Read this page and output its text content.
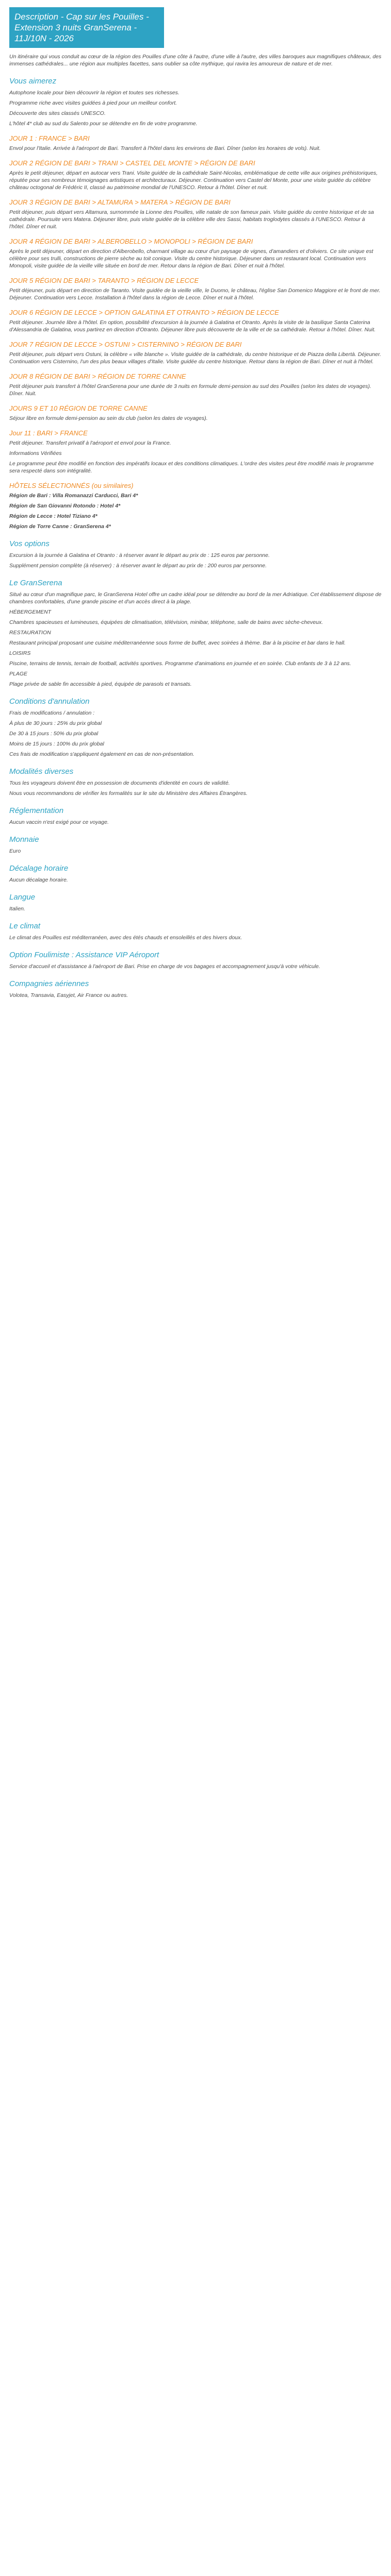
Description - Cap sur les Pouilles - Extension 3 nuits GranSerena - 11J/10N - 2026

Un itinéraire qui vous conduit au cœur de la région des Pouilles d'une côte à l'autre, d'une ville à l'autre, des villes baroques aux magnifiques châteaux, des immenses cathédrales... une région aux multiples facettes, sans oublier sa côte mythique, qui ravira les amoureux de nature et de mer.

Vous aimerez

Autophone locale pour bien découvrir la région et toutes ses richesses.

Programme riche avec visites guidées à pied pour un meilleur confort.

Découverte des sites classés UNESCO.

L'hôtel 4* club au sud du Salento pour se détendre en fin de votre programme.

JOUR 1 : FRANCE > BARI

Envol pour l'Italie. Arrivée à l'aéroport de Bari. Transfert à l'hôtel dans les environs de Bari. Dîner (selon les horaires de vols). Nuit.

JOUR 2 RÉGION DE BARI > TRANI > CASTEL DEL MONTE > RÉGION DE BARI

Après le petit déjeuner, départ en autocar vers Trani. Visite guidée de la cathédrale Saint-Nicolas, emblématique de cette ville aux origines préhistoriques, réputée pour ses nombreux témoignages artistiques et architecturaux. Déjeuner. Continuation vers Castel del Monte, pour une visite guidée du célèbre château octogonal de Frédéric II, classé au patrimoine mondial de l'UNESCO. Retour à l'hôtel. Dîner et nuit.

JOUR 3 RÉGION DE BARI > ALTAMURA > MATERA > RÉGION DE BARI

Petit déjeuner, puis départ vers Altamura, surnommée la Lionne des Pouilles, ville natale de son fameux pain. Visite guidée du centre historique et de sa cathédrale. Poursuite vers Matera. Déjeuner libre, puis visite guidée de la célèbre ville des Sassi, habitats troglodytes classés à l'UNESCO. Retour à l'hôtel. Dîner et nuit.

JOUR 4 RÉGION DE BARI > ALBEROBELLO > MONOPOLI > RÉGION DE BARI

Après le petit déjeuner, départ en direction d'Alberobello, charmant village au cœur d'un paysage de vignes, d'amandiers et d'oliviers. Ce site unique est célèbre pour ses trulli, constructions de pierre sèche au toit conique. Visite du centre historique. Déjeuner dans un restaurant local. Continuation vers Monopoli, visite guidée de la vieille ville située en bord de mer. Retour dans la région de Bari. Dîner et nuit à l'hôtel.

JOUR 5 RÉGION DE BARI > TARANTO > RÉGION DE LECCE

Petit déjeuner, puis départ en direction de Taranto. Visite guidée de la vieille ville, le Duomo, le château, l'église San Domenico Maggiore et le front de mer. Déjeuner. Continuation vers Lecce. Installation à l'hôtel dans la région de Lecce. Dîner et nuit à l'hôtel.

JOUR 6 RÉGION DE LECCE > OPTION GALATINA ET OTRANTO > RÉGION DE LECCE

Petit déjeuner. Journée libre à l'hôtel. En option, possibilité d'excursion à la journée à Galatina et Otranto. Après la visite de la basilique Santa Caterina d'Alessandria de Galatina, vous partirez en direction d'Otranto. Déjeuner libre puis découverte de la ville et de sa cathédrale. Retour à l'hôtel. Dîner. Nuit.

JOUR 7 RÉGION DE LECCE > OSTUNI > CISTERNINO > RÉGION DE BARI

Petit déjeuner, puis départ vers Ostuni, la célèbre « ville blanche ». Visite guidée de la cathédrale, du centre historique et de Piazza della Libertà. Déjeuner. Continuation vers Cisternino, l'un des plus beaux villages d'Italie. Visite guidée du centre historique. Retour dans la région de Bari. Dîner et nuit à l'hôtel.

JOUR 8 RÉGION DE BARI > RÉGION DE TORRE CANNE

Petit déjeuner puis transfert à l'hôtel GranSerena pour une durée de 3 nuits en formule demi-pension au sud des Pouilles (selon les dates de voyages). Dîner. Nuit.

JOURS 9 ET 10 RÉGION DE TORRE CANNE

Séjour libre en formule demi-pension au sein du club (selon les dates de voyages).

Jour 11 : BARI > FRANCE

Petit déjeuner. Transfert privatif à l'aéroport et envol pour la France.

Informations Vérifiées

Le programme peut être modifié en fonction des impératifs locaux et des conditions climatiques. L'ordre des visites peut être modifié mais le programme sera respecté dans son intégralité.

HÔTELS SÉLECTIONNÉS (ou similaires)

Région de Bari : Villa Romanazzi Carducci, Bari 4*

Région de San Giovanni Rotondo : Hotel 4*

Région de Lecce : Hotel Tiziano 4*

Région de Torre Canne : GranSerena 4*

Vos options

Excursion à la journée à Galatina et Otranto : à réserver avant le départ au prix de : 125 euros par personne.

Supplément pension complète (à réserver) : à réserver avant le départ au prix de : 200 euros par personne.

Le GranSerena

Situé au cœur d'un magnifique parc, le GranSerena Hotel offre un cadre idéal pour se détendre au bord de la mer Adriatique. Cet établissement dispose de chambres confortables, d'une grande piscine et d'un accès direct à la plage.

HÉBERGEMENT

Chambres spacieuses et lumineuses, équipées de climatisation, télévision, minibar, téléphone, salle de bains avec sèche-cheveux.

RESTAURATION

Restaurant principal proposant une cuisine méditerranéenne sous forme de buffet, avec soirées à thème. Bar à la piscine et bar dans le hall.

LOISIRS

Piscine, terrains de tennis, terrain de football, activités sportives. Programme d'animations en journée et en soirée. Club enfants de 3 à 12 ans.

PLAGE

Plage privée de sable fin accessible à pied, équipée de parasols et transats.

Conditions d'annulation

Frais de modifications / annulation :

À plus de 30 jours : 25% du prix global

De 30 à 15 jours : 50% du prix global

Moins de 15 jours : 100% du prix global

Ces frais de modification s'appliquent également en cas de non-présentation.

Modalités diverses

Tous les voyageurs doivent être en possession de documents d'identité en cours de validité.

Nous vous recommandons de vérifier les formalités sur le site du Ministère des Affaires Étrangères.

Réglementation

Aucun vaccin n'est exigé pour ce voyage.

Monnaie

Euro

Décalage horaire

Aucun décalage horaire.

Langue

Italien.

Le climat

Le climat des Pouilles est méditerranéen, avec des étés chauds et ensoleillés et des hivers doux.

Option Foulimiste : Assistance VIP Aéroport

Service d'accueil et d'assistance à l'aéroport de Bari. Prise en charge de vos bagages et accompagnement jusqu'à votre véhicule.

Compagnies aériennes

Volotea, Transavia, Easyjet, Air France ou autres.
